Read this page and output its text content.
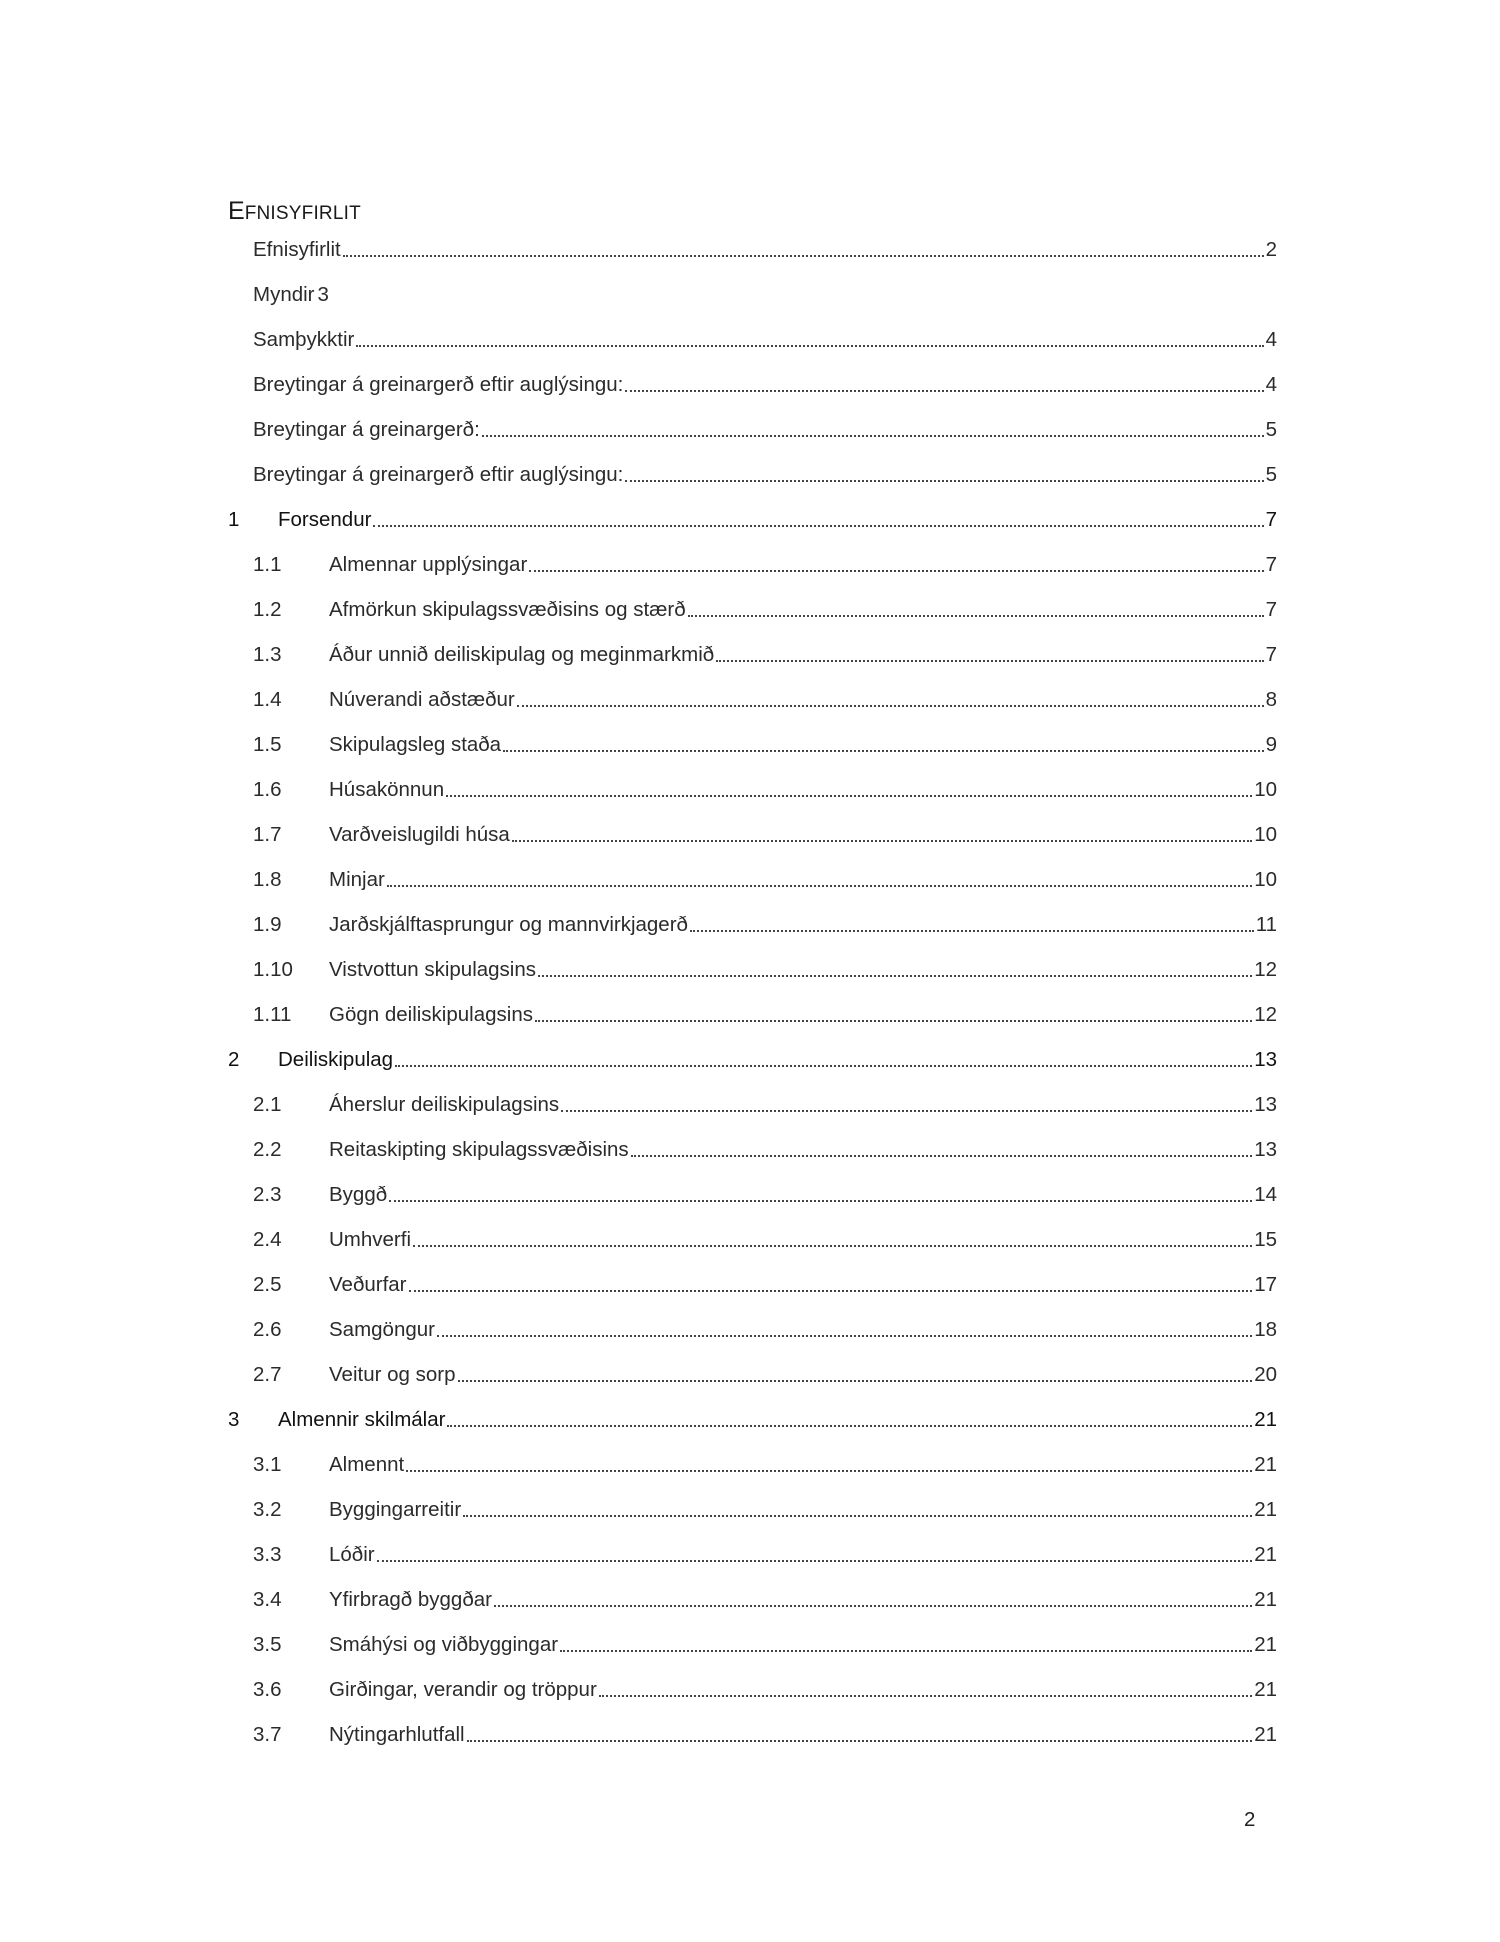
EFNISYFIRLIT
Efnisyfirlit	2
Myndir 3
Samþykktir	4
Breytingar á greinargerð eftir auglýsingu:	4
Breytingar á greinargerð:	5
Breytingar á greinargerð eftir auglýsingu:	5
1	Forsendur	7
1.1	Almennar upplýsingar	7
1.2	Afmörkun skipulagssvæðisins og stærð	7
1.3	Áður unnið deiliskipulag og meginmarkmið	7
1.4	Núverandi aðstæður	8
1.5	Skipulagsleg staða	9
1.6	Húsakönnun	10
1.7	Varðveislugildi húsa	10
1.8	Minjar	10
1.9	Jarðskjálftasprungur og mannvirkjagerð	11
1.10	Vistvottun skipulagsins	12
1.11	Gögn deiliskipulagsins	12
2	Deiliskipulag	13
2.1	Áherslur deiliskipulagsins	13
2.2	Reitaskipting skipulagssvæðisins	13
2.3	Byggð	14
2.4	Umhverfi	15
2.5	Veðurfar	17
2.6	Samgöngur	18
2.7	Veitur og sorp	20
3	Almennir skilmálar	21
3.1	Almennt	21
3.2	Byggingarreitir	21
3.3	Lóðir	21
3.4	Yfirbragð byggðar	21
3.5	Smáhýsi og viðbyggingar	21
3.6	Girðingar, verandir og tröppur	21
3.7	Nýtingarhlutfall	21
2
